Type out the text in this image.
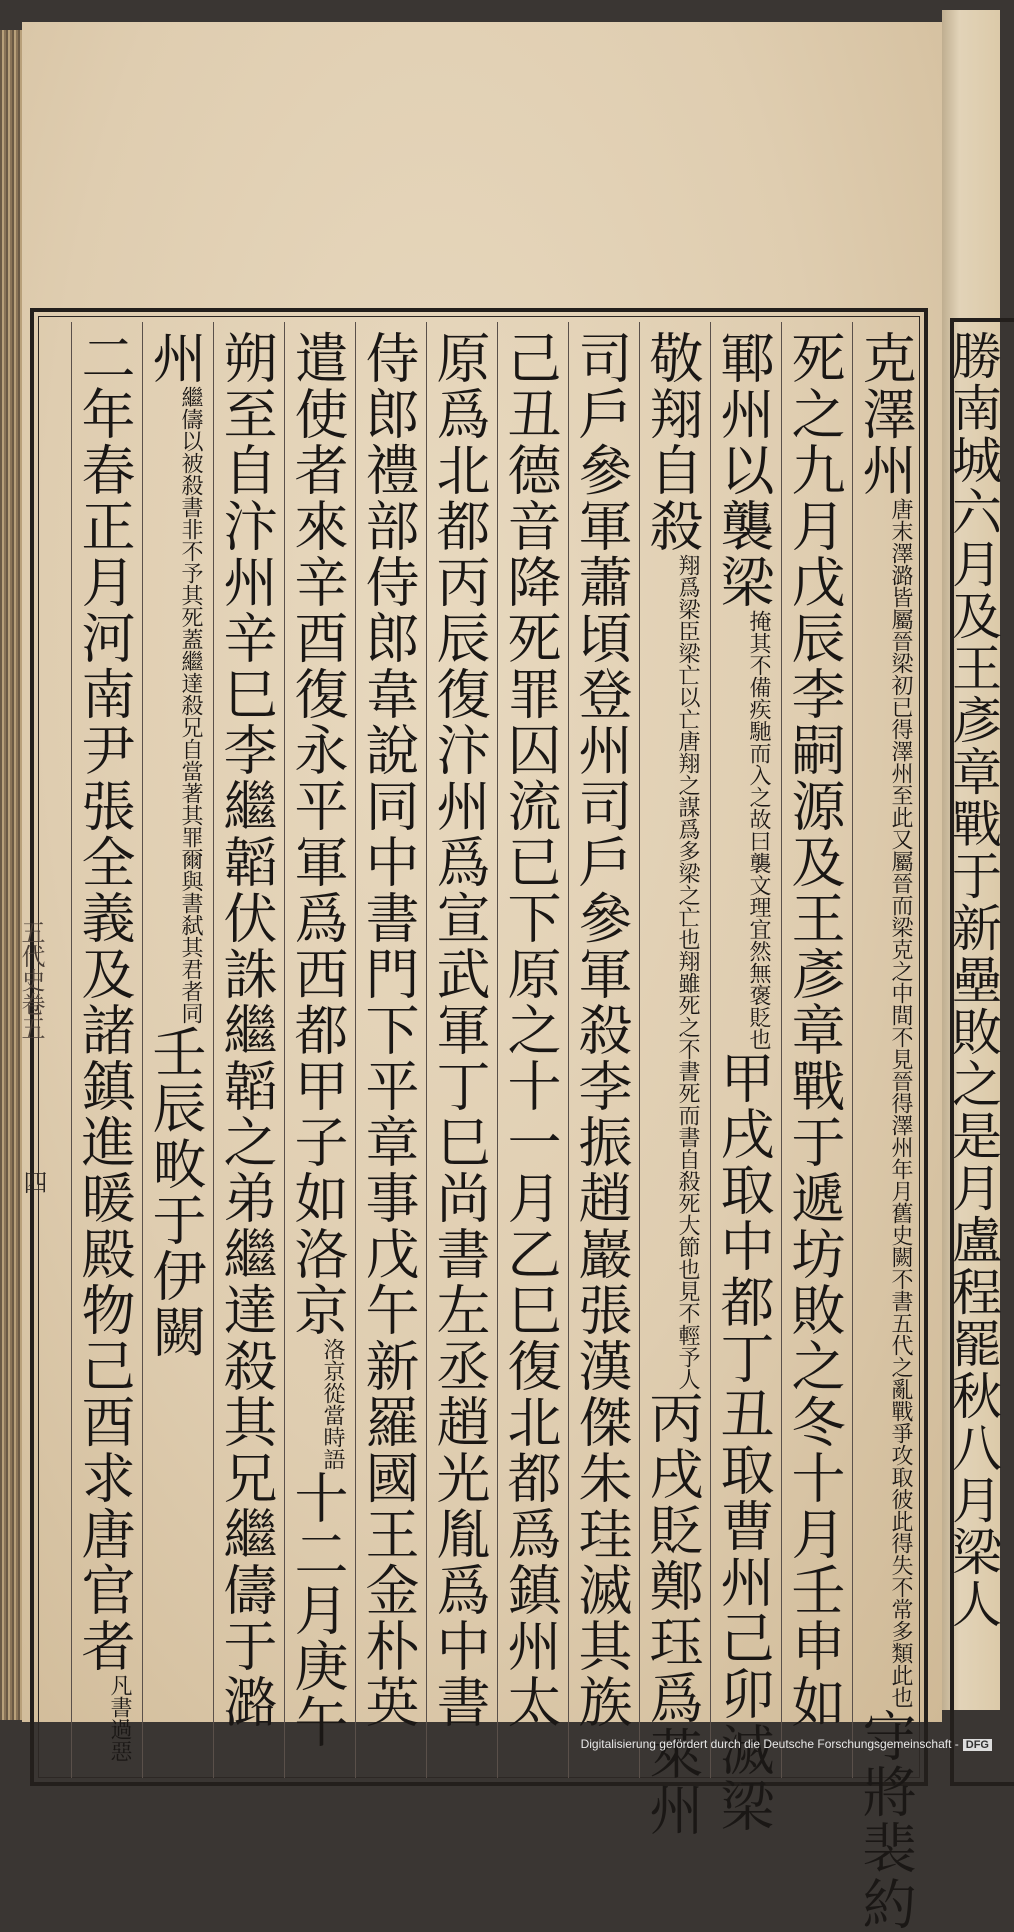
克澤州唐末澤潞皆屬晉梁初已得澤州至此又屬晉而梁克之中間不見晉得澤州年月舊史闕不書五代之亂戰爭攻取彼此得失不常多類此也守將裴約
死之九月戊辰李嗣源及王彥章戰于遞坊敗之冬十月壬申如
鄆州以襲梁掩其不備疾馳而入之故曰襲文理宜然無褒貶也甲戌取中都丁丑取曹州己卯滅梁
敬翔自殺翔爲梁臣梁亡以亡唐翔之謀爲多梁之亡也翔雖死之不書死而書自殺死大節也見不輕予人丙戌貶鄭珏爲萊州
司戶參軍蕭頃登州司戶參軍殺李振趙巖張漢傑朱珪滅其族
己丑德音降死罪囚流已下原之十一月乙巳復北都爲鎮州太
原爲北都丙辰復汴州爲宣武軍丁巳尚書左丞趙光胤爲中書
侍郎禮部侍郎韋說同中書門下平章事戊午新羅國王金朴英
遣使者來辛酉復永平軍爲西都甲子如洛京洛京從當時語十二月庚午
朔至自汴州辛巳李繼韜伏誅繼韜之弟繼達殺其兄繼儔于潞
州繼儔以被殺書非不予其死蓋繼達殺兄自當著其罪爾與書弑其君者同壬辰畋于伊闕
二年春正月河南尹張全義及諸鎮進暖殿物己酉求唐官者凡書過惡
勝南城六月及王彥章戰于新壘敗之是月盧程罷秋八月梁人
五代史卷五
四
Digitalisierung gefördert durch die Deutsche Forschungsgemeinschaft - DFG
